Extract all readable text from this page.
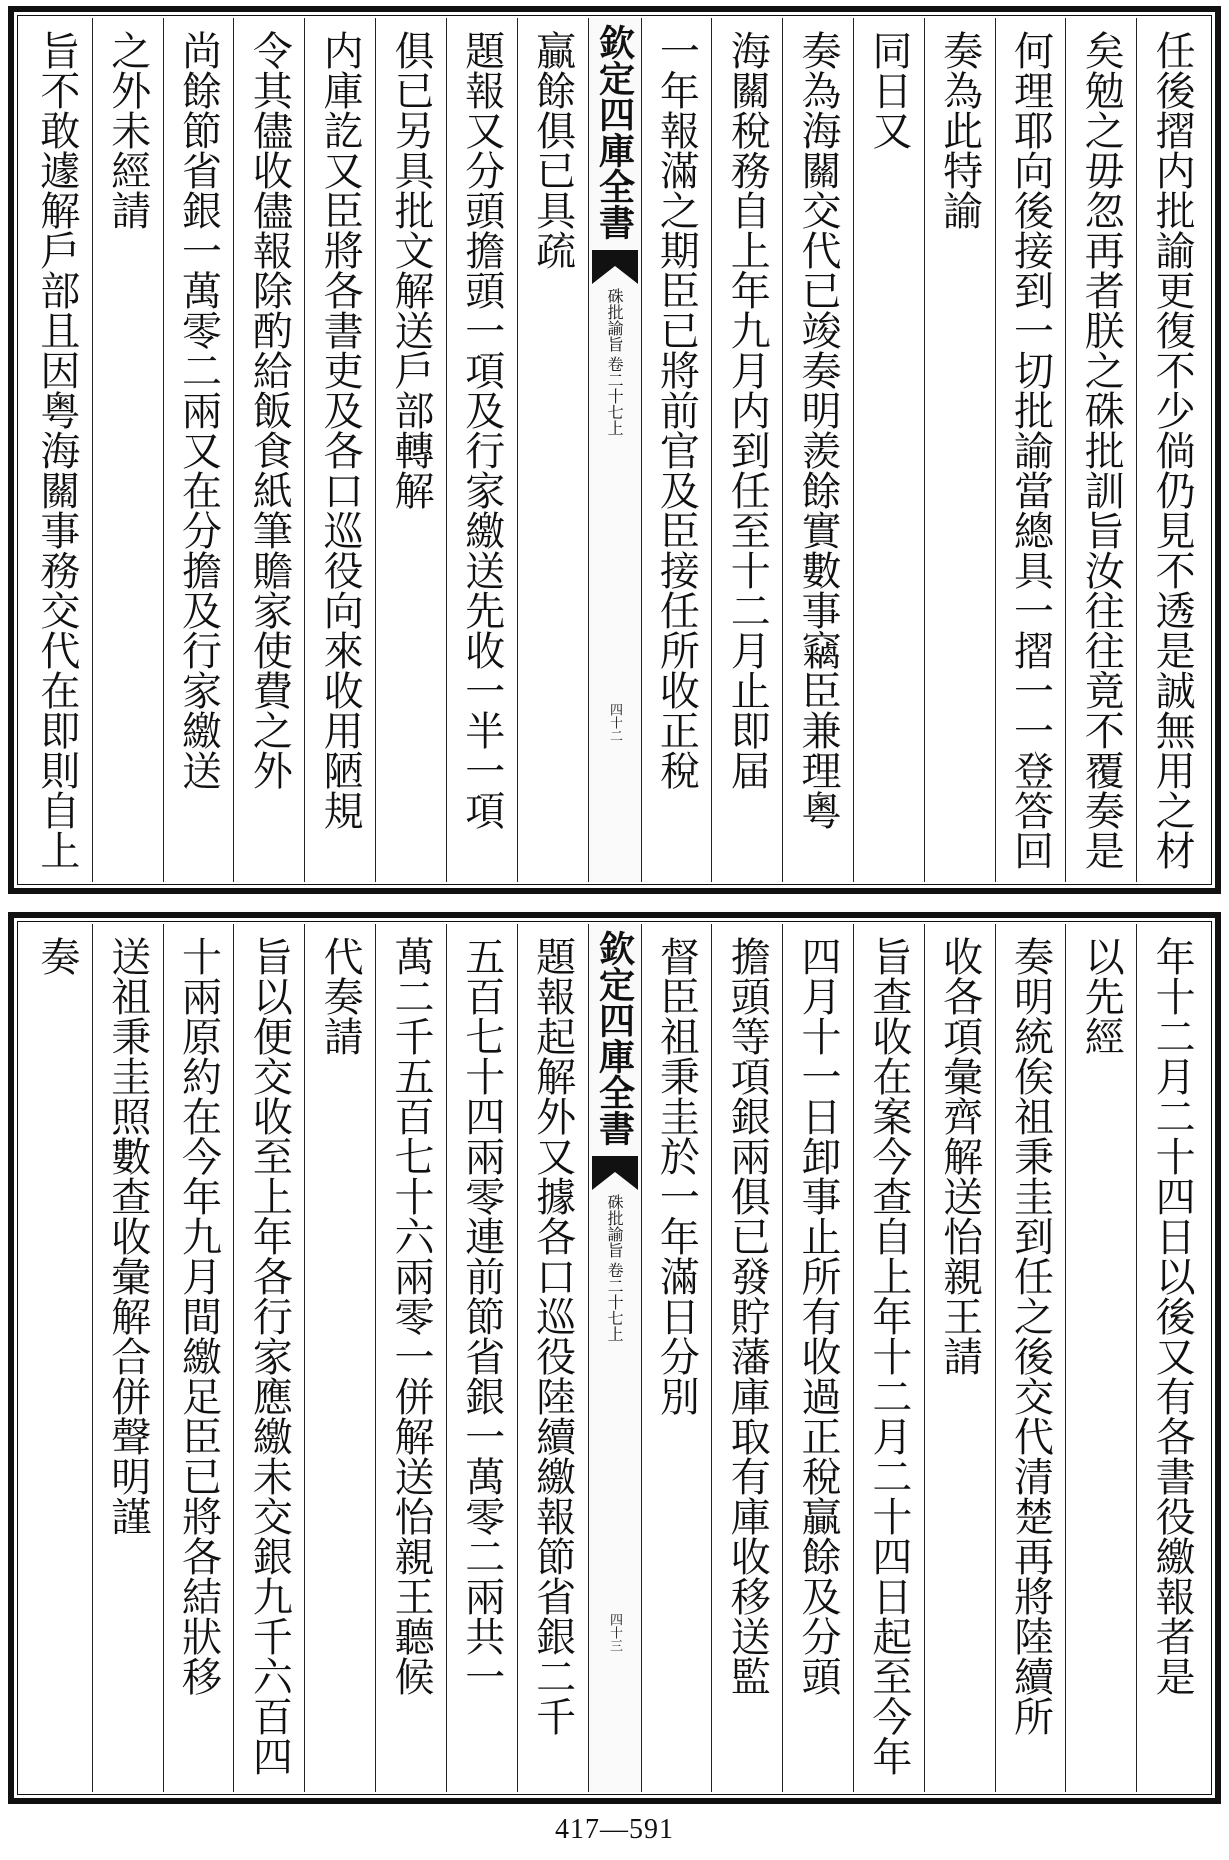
任後摺内批諭更復不少倘仍見不透是誠無用之材
矣勉之毋忽再者朕之硃批訓旨汝往往竟不覆奏是
何理耶向後接到一切批諭當總具一摺一一登答回
奏為此特諭
同日又
奏為海關交代已竣奏明羨餘實數事竊臣兼理粵
海關稅務自上年九月内到任至十二月止即届
一年報滿之期臣已將前官及臣接任所收正稅
欽定四庫全書
硃批諭旨
卷二十七上
四十二
贏餘俱已具疏
題報又分頭擔頭一項及行家繳送先收一半一項
俱已另具批文解送戶部轉解
内庫訖又臣將各書吏及各口巡役向來收用陋規
令其儘收儘報除酌給飯食紙筆贍家使費之外
尚餘節省銀一萬零二兩又在分擔及行家繳送
之外未經請
旨不敢遽解戶部且因粤海關事務交代在即則自上
年十二月二十四日以後又有各書役繳報者是
以先經
奏明統俟祖秉圭到任之後交代清楚再將陸續所
收各項彙齊解送怡親王請
旨查收在案今查自上年十二月二十四日起至今年
四月十一日卸事止所有收過正稅贏餘及分頭
擔頭等項銀兩俱已發貯藩庫取有庫收移送監
督臣祖秉圭於一年滿日分別
欽定四庫全書
硃批諭旨
卷二十七上
四十三
題報起解外又據各口巡役陸續繳報節省銀二千
五百七十四兩零連前節省銀一萬零二兩共一
萬二千五百七十六兩零一併解送怡親王聽候
代奏請
旨以便交收至上年各行家應繳未交銀九千六百四
十兩原約在今年九月間繳足臣已將各結狀移
送祖秉圭照數查收彙解合併聲明謹
奏
417—591
